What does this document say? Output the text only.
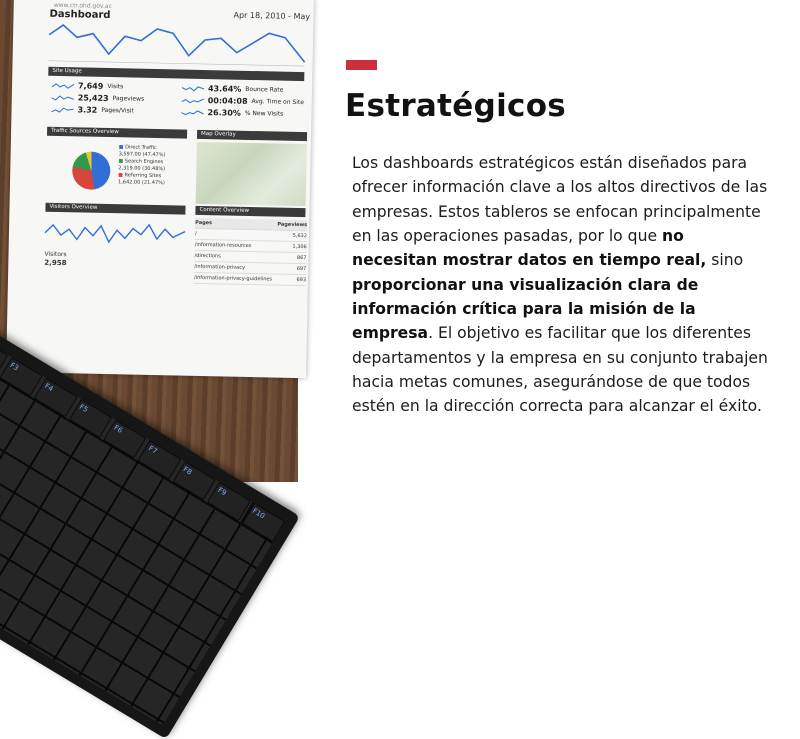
www.ctr.ohd.gov.ac
Dashboard	Apr 18, 2010 - May
Site Usage
7,649 Visits
25,423 Pageviews
3.32 Pages/Visit
43.64% Bounce Rate
00:04:08 Avg. Time on Site
26.30% % New Visits
Traffic Sources Overview	Map Overlay
■ Direct Traffic
3,597.00 (47.47%)
■ Search Engines
2,319.00 (30.48%)
■ Referring Sites
1,642.00 (21.47%)
Visitors Overview	Content Overview
Visitors
2,958
Pages	Pageviews
/	5,632
/information-resources	1,306
/directions	867
/information-privacy	697
/information-privacy-guidelines	693
F3
F4
F5
F6
F7
F8
F9
F10
Estratégicos

Los dashboards estratégicos están diseñados para ofrecer información clave a los altos directivos de las empresas. Estos tableros se enfocan principalmente en las operaciones pasadas, por lo que no necesitan mostrar datos en tiempo real, sino proporcionar una visualización clara de información crítica para la misión de la empresa. El objetivo es facilitar que los diferentes departamentos y la empresa en su conjunto trabajen hacia metas comunes, asegurándose de que todos estén en la dirección correcta para alcanzar el éxito.
